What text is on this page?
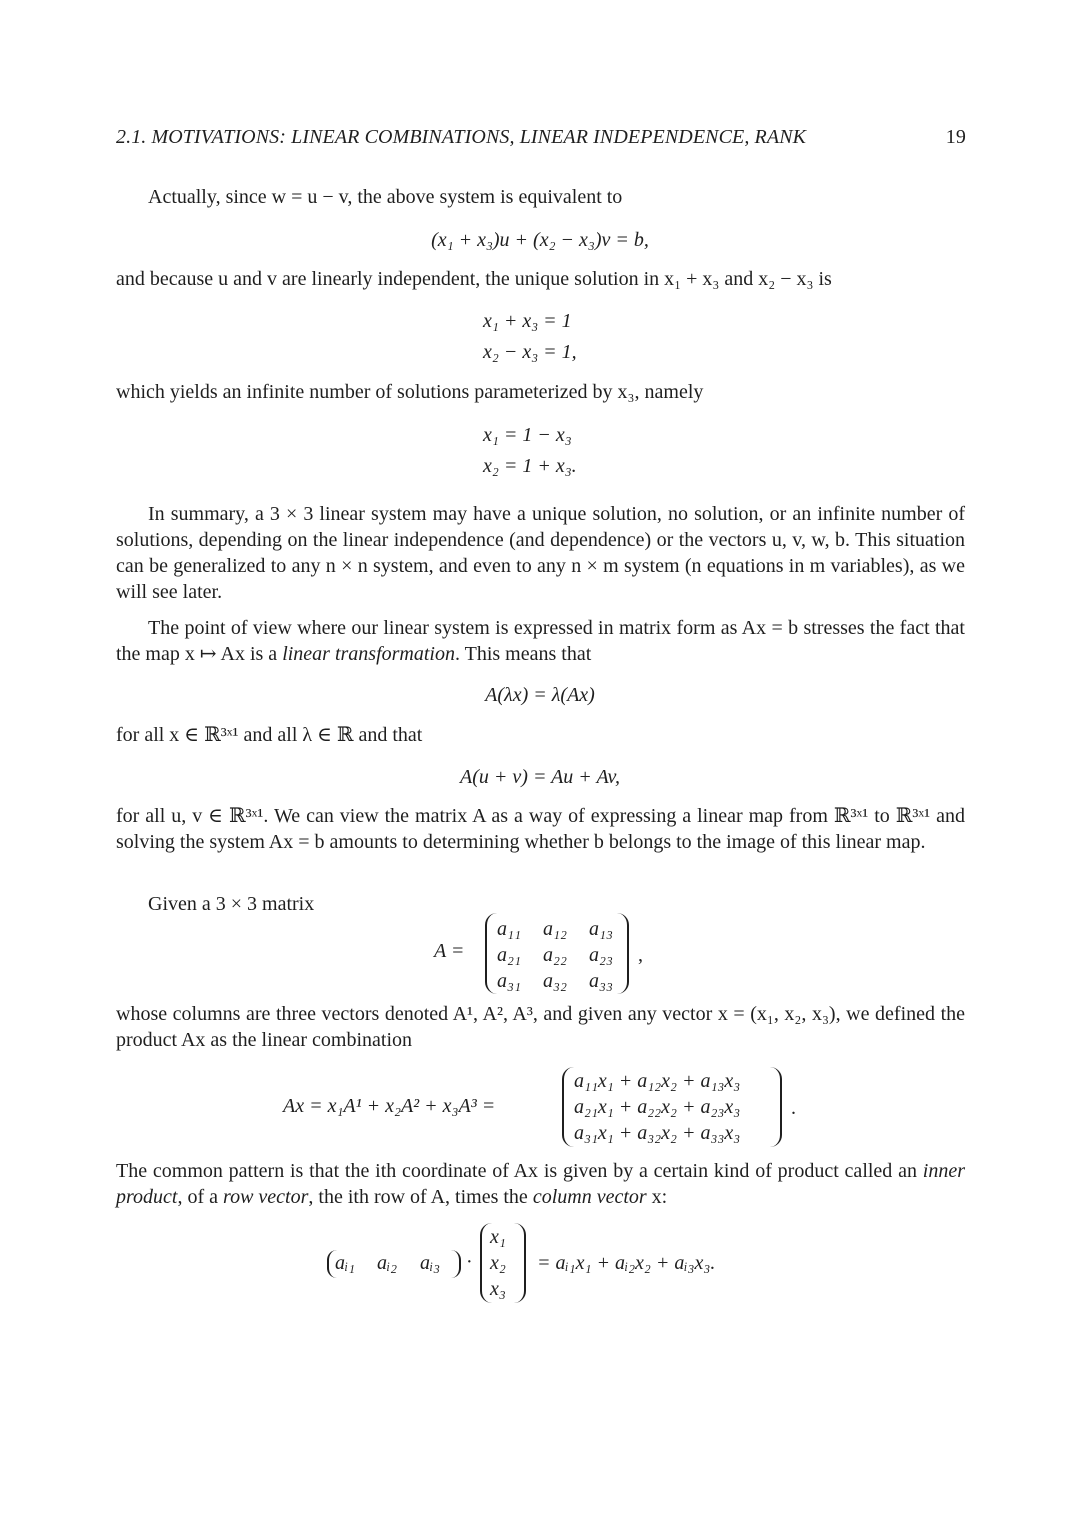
2.1. MOTIVATIONS: LINEAR COMBINATIONS, LINEAR INDEPENDENCE, RANK	19
Actually, since w = u − v, the above system is equivalent to
(x₁ + x₃)u + (x₂ − x₃)v = b,
and because u and v are linearly independent, the unique solution in x₁ + x₃ and x₂ − x₃ is
x₁ + x₃ = 1
x₂ − x₃ = 1,
which yields an infinite number of solutions parameterized by x₃, namely
x₁ = 1 − x₃
x₂ = 1 + x₃.
In summary, a 3 × 3 linear system may have a unique solution, no solution, or an infinite number of solutions, depending on the linear independence (and dependence) or the vectors u, v, w, b. This situation can be generalized to any n × n system, and even to any n × m system (n equations in m variables), as we will see later.
The point of view where our linear system is expressed in matrix form as Ax = b stresses the fact that the map x ↦ Ax is a linear transformation. This means that
A(λx) = λ(Ax)
for all x ∈ ℝ³ˣ¹ and all λ ∈ ℝ and that
A(u + v) = Au + Av,
for all u, v ∈ ℝ³ˣ¹. We can view the matrix A as a way of expressing a linear map from ℝ³ˣ¹ to ℝ³ˣ¹ and solving the system Ax = b amounts to determining whether b belongs to the image of this linear map.
Given a 3 × 3 matrix
A =
a₁₁ a₁₂ a₁₃
a₂₁ a₂₂ a₂₃
a₃₁ a₃₂ a₃₃
,
whose columns are three vectors denoted A¹, A², A³, and given any vector x = (x₁, x₂, x₃), we defined the product Ax as the linear combination
Ax = x₁A¹ + x₂A² + x₃A³ =
a₁₁x₁ + a₁₂x₂ + a₁₃x₃
a₂₁x₁ + a₂₂x₂ + a₂₃x₃
a₃₁x₁ + a₃₂x₂ + a₃₃x₃
.
The common pattern is that the ith coordinate of Ax is given by a certain kind of product called an inner product, of a row vector, the ith row of A, times the column vector x:
aᵢ₁ aᵢ₂ aᵢ₃ ·
x₁
x₂
x₃
= aᵢ₁x₁ + aᵢ₂x₂ + aᵢ₃x₃.
